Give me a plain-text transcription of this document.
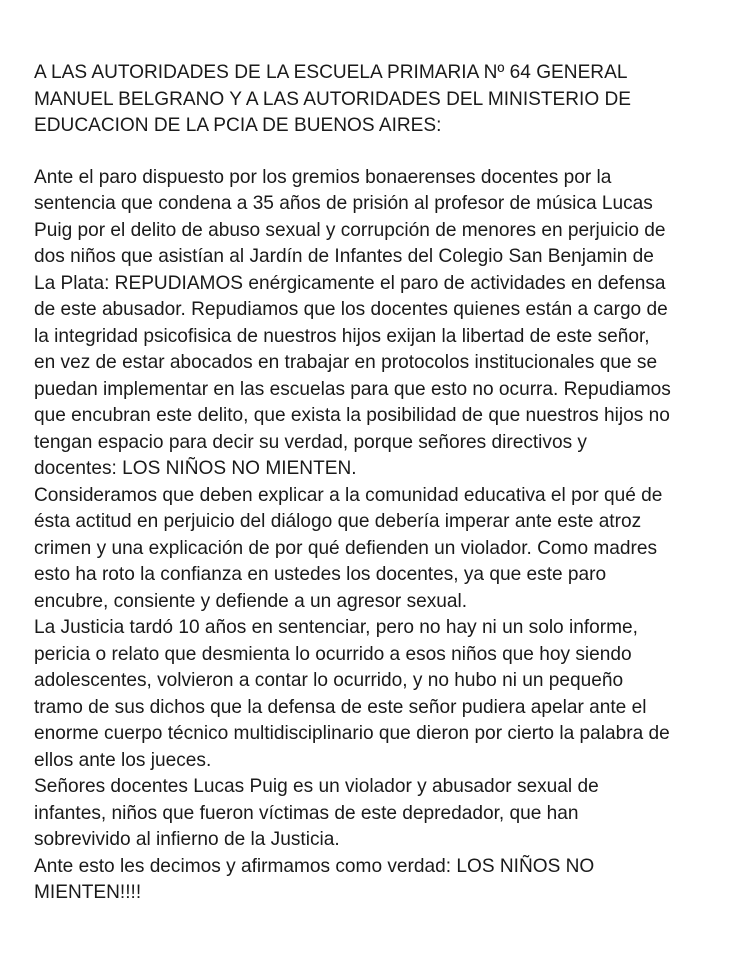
A LAS AUTORIDADES DE LA ESCUELA PRIMARIA Nº 64 GENERAL
MANUEL BELGRANO Y A LAS AUTORIDADES DEL MINISTERIO DE
EDUCACION DE LA PCIA DE BUENOS AIRES:

Ante el paro dispuesto por los gremios bonaerenses docentes por la
sentencia que condena a 35 años de prisión al profesor de música Lucas
Puig por el delito de abuso sexual y corrupción de menores en perjuicio de
dos niños que asistían al Jardín de Infantes del Colegio San Benjamin de
La Plata: REPUDIAMOS enérgicamente el paro de actividades en defensa
de este abusador. Repudiamos que los docentes quienes están a cargo de
la integridad psicofisica de nuestros hijos exijan la libertad de este señor,
en vez de estar abocados en trabajar en protocolos institucionales que se
puedan implementar en las escuelas para que esto no ocurra. Repudiamos
que encubran este delito, que exista la posibilidad de que nuestros hijos no
tengan espacio para decir su verdad, porque señores directivos y
docentes: LOS NIÑOS NO MIENTEN.

Consideramos que deben explicar a la comunidad educativa el por qué de
ésta actitud en perjuicio del diálogo que debería imperar ante este atroz
crimen y una explicación de por qué defienden un violador. Como madres
esto ha roto la confianza en ustedes los docentes, ya que este paro
encubre, consiente y defiende a un agresor sexual.

La Justicia tardó 10 años en sentenciar, pero no hay ni un solo informe,
pericia o relato que desmienta lo ocurrido a esos niños que hoy siendo
adolescentes, volvieron a contar lo ocurrido, y no hubo ni un pequeño
tramo de sus dichos que la defensa de este señor pudiera apelar ante el
enorme cuerpo técnico multidisciplinario que dieron por cierto la palabra de
ellos ante los jueces.

Señores docentes Lucas Puig es un violador y abusador sexual de
infantes, niños que fueron víctimas de este depredador, que han
sobrevivido al infierno de la Justicia.

Ante esto les decimos y afirmamos como verdad: LOS NIÑOS NO
MIENTEN!!!!
